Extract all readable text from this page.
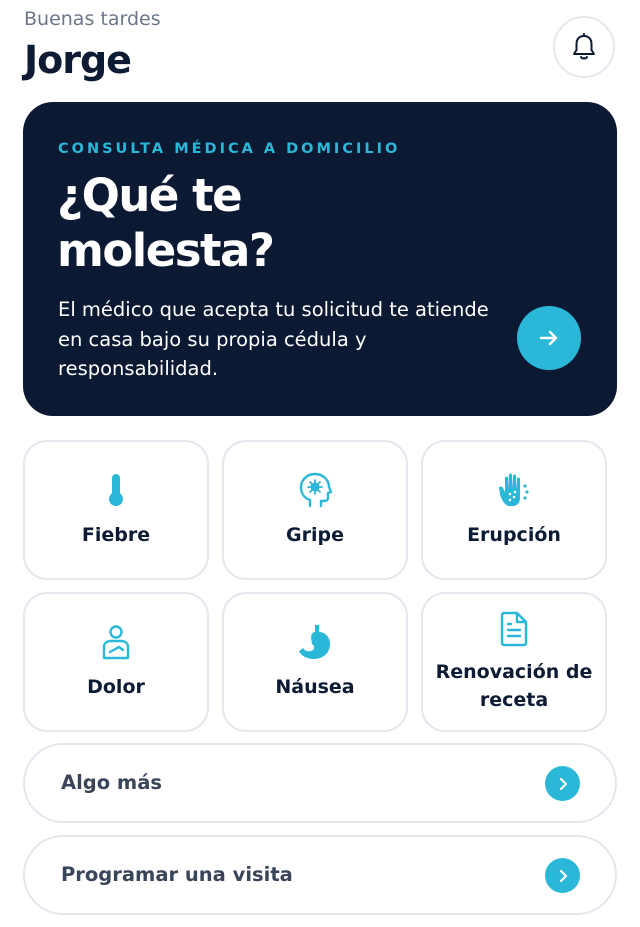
Buenas tardes
Jorge
CONSULTA MÉDICA A DOMICILIO
¿Qué te molesta?
El médico que acepta tu solicitud te atiende en casa bajo su propia cédula y responsabilidad.
Fiebre	Gripe	Erupción
Dolor	Náusea
Renovación de receta
Algo más
Programar una visita
